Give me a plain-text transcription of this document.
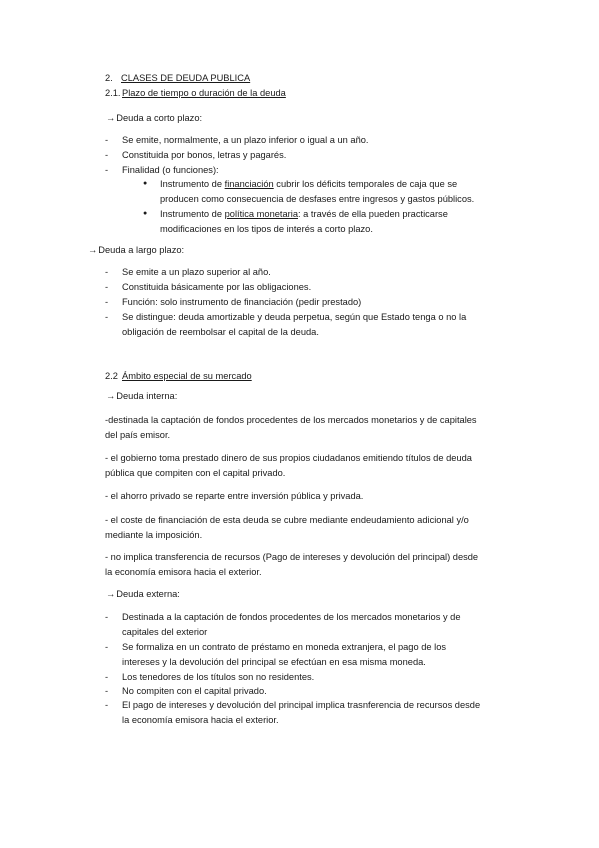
2. CLASES DE DEUDA PUBLICA
2.1. Plazo de tiempo o duración de la deuda
→Deuda a corto plazo:
- Se emite, normalmente, a un plazo inferior o igual a un año.
- Constituida por bonos, letras y pagarés.
- Finalidad (o funciones):
● Instrumento de financiación cubrir los déficits temporales de caja que se
producen como consecuencia de desfases entre ingresos y gastos públicos.
● Instrumento de política monetaria: a través de ella pueden practicarse
modificaciones en los tipos de interés a corto plazo.
→Deuda a largo plazo:
- Se emite a un plazo superior al año.
- Constituida básicamente por las obligaciones.
- Función: solo instrumento de financiación (pedir prestado)
- Se distingue: deuda amortizable y deuda perpetua, según que Estado tenga o no la
obligación de reembolsar el capital de la deuda.
2.2 Ámbito especial de su mercado
→Deuda interna:
-destinada la captación de fondos procedentes de los mercados monetarios y de capitales
del país emisor.
- el gobierno toma prestado dinero de sus propios ciudadanos emitiendo títulos de deuda
pública que compiten con el capital privado.
- el ahorro privado se reparte entre inversión pública y privada.
- el coste de financiación de esta deuda se cubre mediante endeudamiento adicional y/o
mediante la imposición.
- no implica transferencia de recursos (Pago de intereses y devolución del principal) desde
la economía emisora hacia el exterior.
→Deuda externa:
- Destinada a la captación de fondos procedentes de los mercados monetarios y de
capitales del exterior
- Se formaliza en un contrato de préstamo en moneda extranjera, el pago de los
intereses y la devolución del principal se efectúan en esa misma moneda.
- Los tenedores de los títulos son no residentes.
- No compiten con el capital privado.
- El pago de intereses y devolución del principal implica trasnferencia de recursos desde
la economía emisora hacia el exterior.
